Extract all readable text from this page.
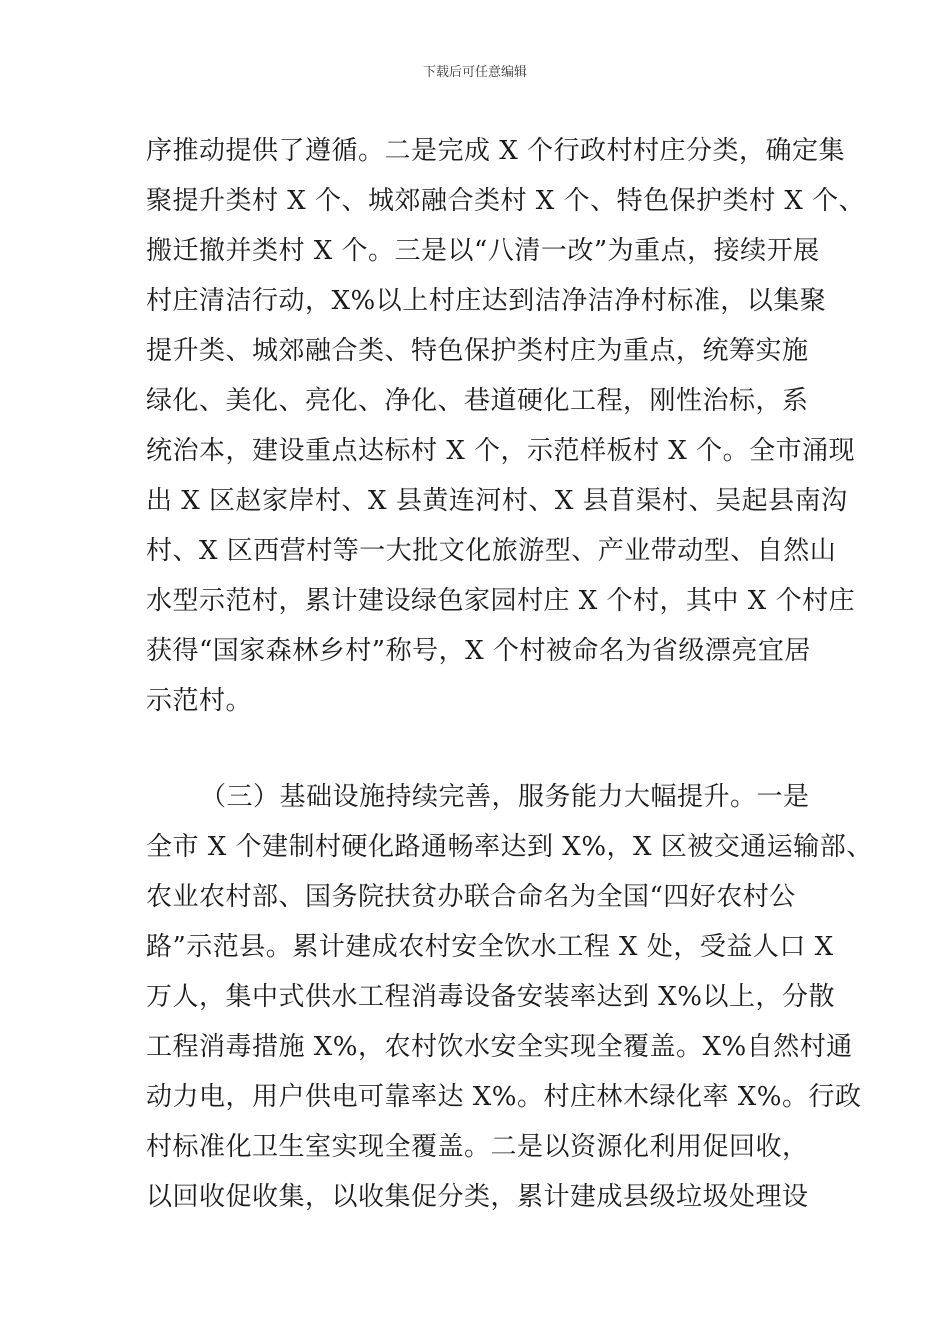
下载后可任意编辑
序推动提供了遵循。二是完成 X 个行政村村庄分类，确定集
聚提升类村 X 个、城郊融合类村 X 个、特色保护类村 X 个、
搬迁撤并类村 X 个。三是以“八清一改”为重点，接续开展
村庄清洁行动，X%以上村庄达到洁净洁净村标准，以集聚
提升类、城郊融合类、特色保护类村庄为重点，统筹实施
绿化、美化、亮化、净化、巷道硬化工程，刚性治标，系
统治本，建设重点达标村 X 个，示范样板村 X 个。全市涌现
出 X 区赵家岸村、X 县黄连河村、X 县苜渠村、吴起县南沟
村、X 区西营村等一大批文化旅游型、产业带动型、自然山
水型示范村，累计建设绿色家园村庄 X 个村，其中 X 个村庄
获得“国家森林乡村”称号，X 个村被命名为省级漂亮宜居
示范村。
（三）基础设施持续完善，服务能力大幅提升。一是
全市 X 个建制村硬化路通畅率达到 X%，X 区被交通运输部、
农业农村部、国务院扶贫办联合命名为全国“四好农村公
路”示范县。累计建成农村安全饮水工程 X 处，受益人口 X
万人，集中式供水工程消毒设备安装率达到 X%以上，分散
工程消毒措施 X%，农村饮水安全实现全覆盖。X%自然村通
动力电，用户供电可靠率达 X%。村庄林木绿化率 X%。行政
村标准化卫生室实现全覆盖。二是以资源化利用促回收，
以回收促收集，以收集促分类，累计建成县级垃圾处理设
